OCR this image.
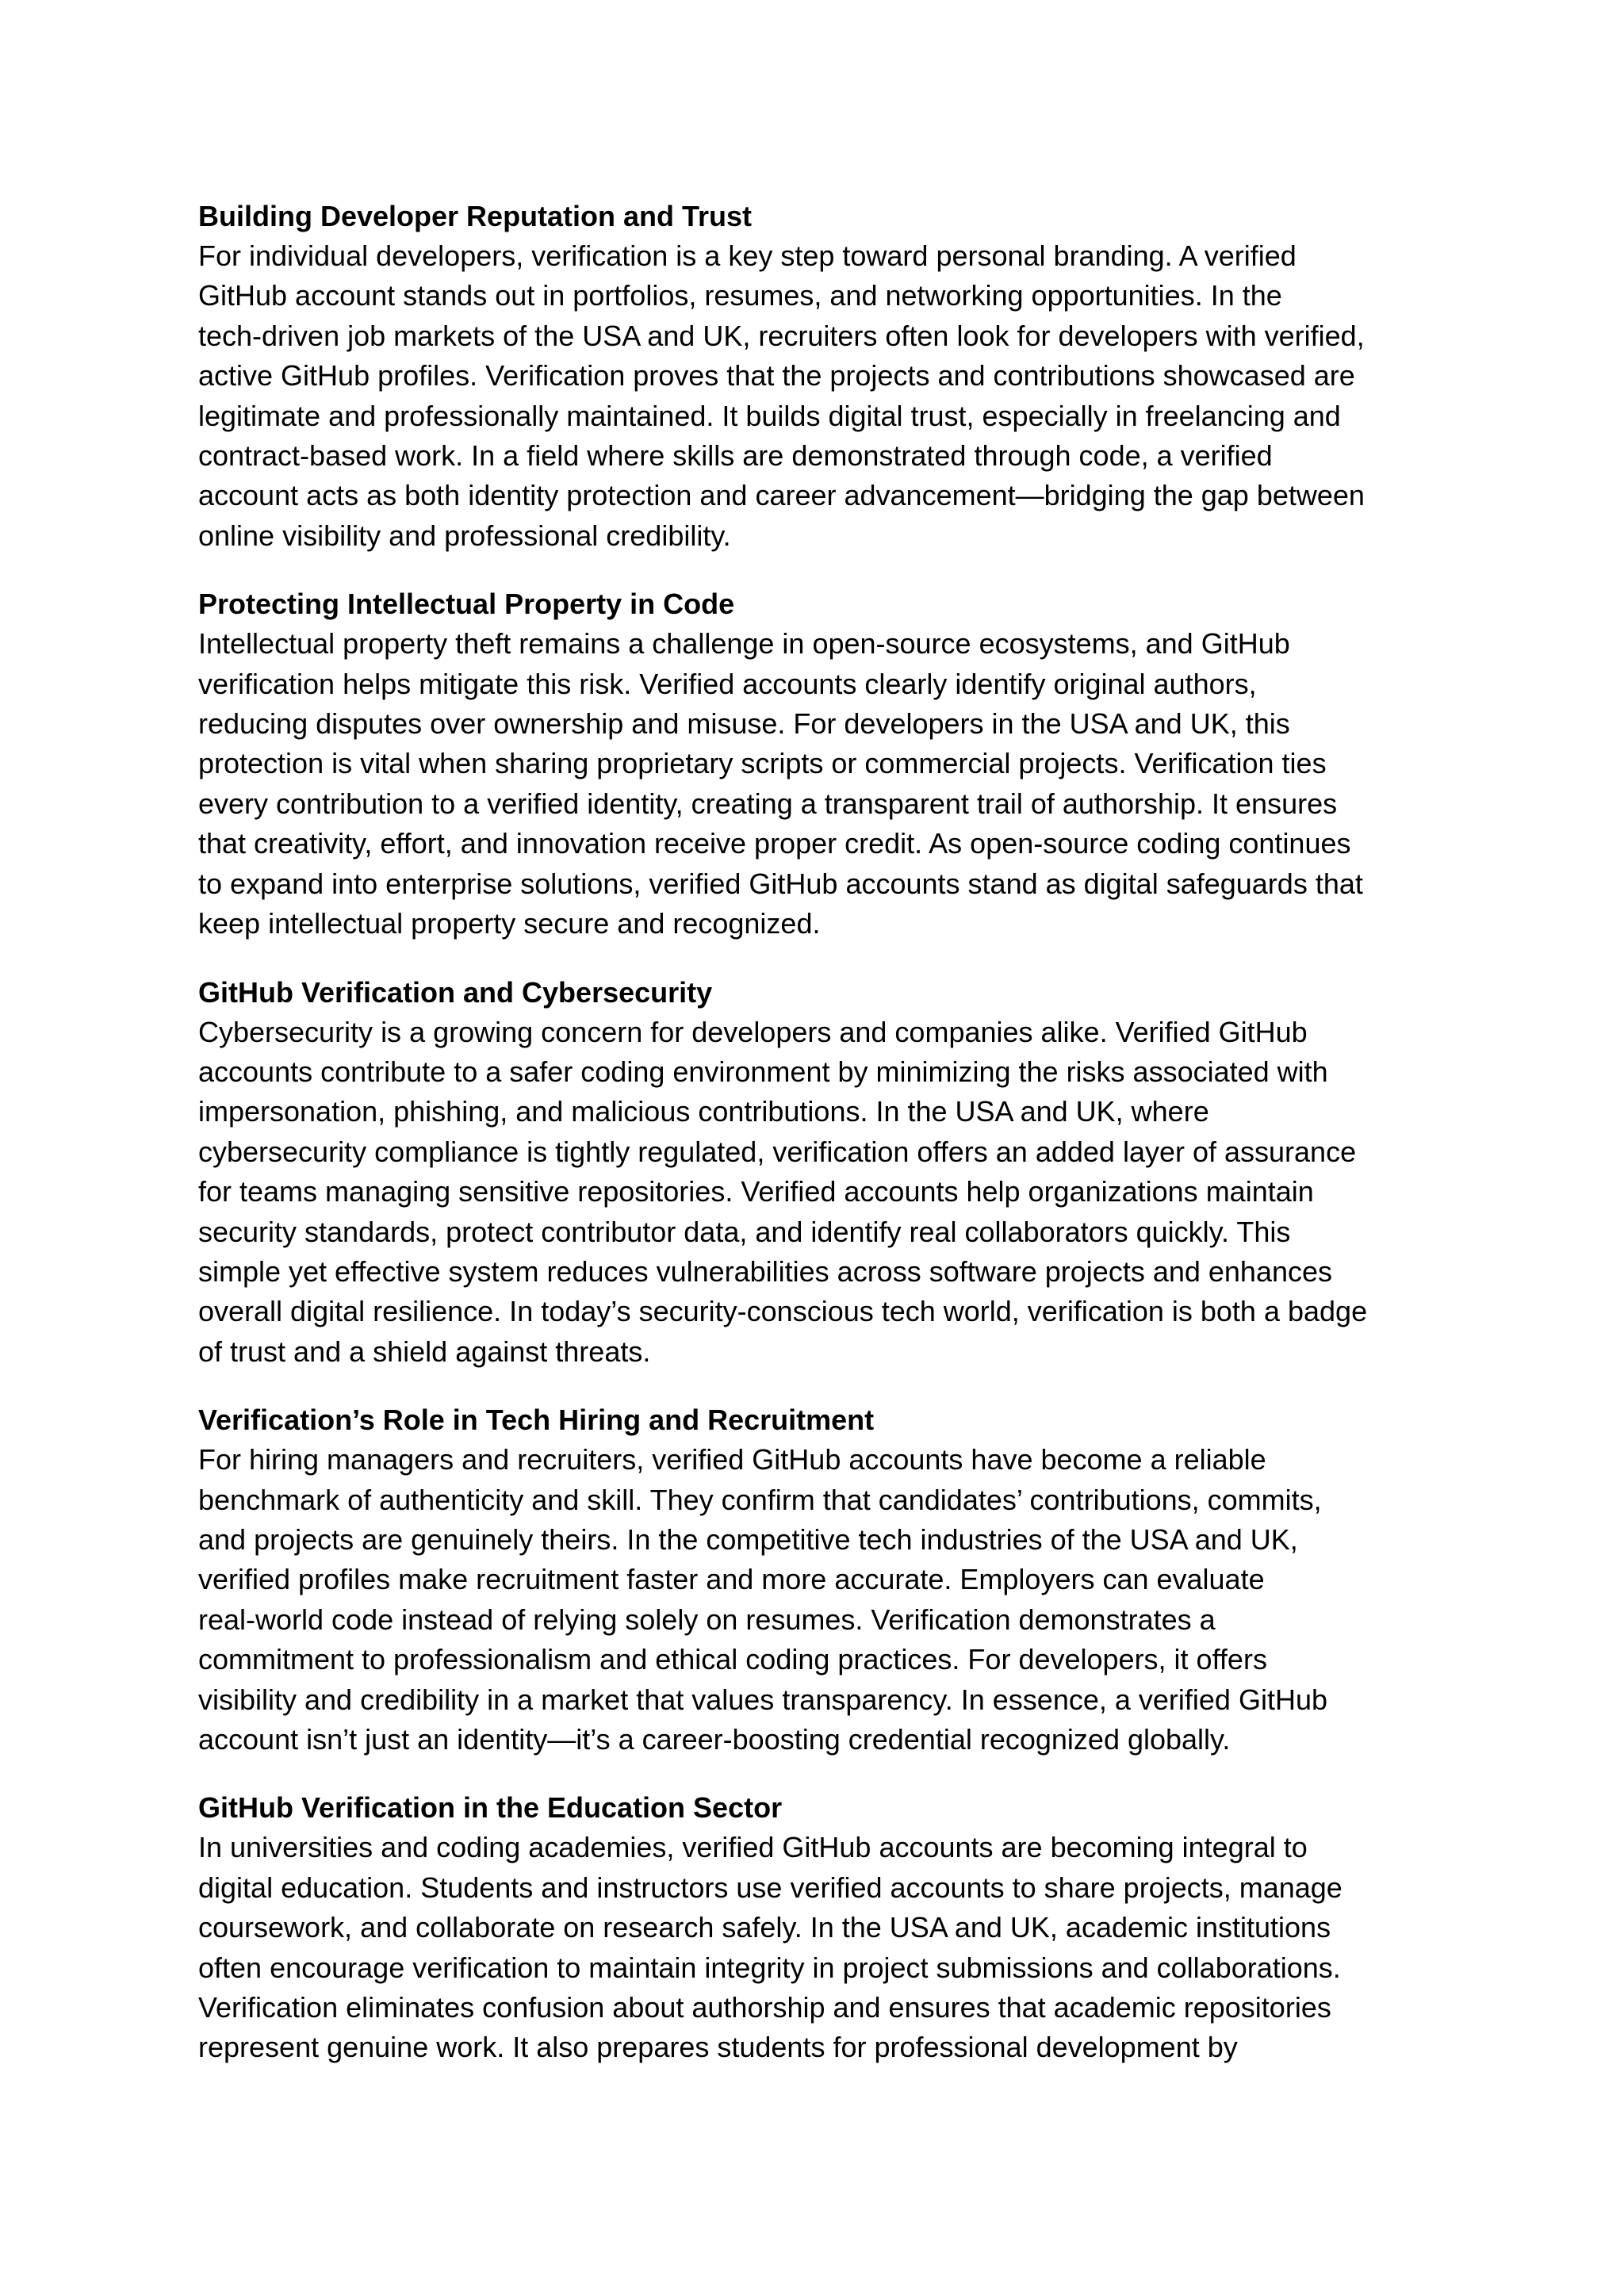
Building Developer Reputation and Trust

For individual developers, verification is a key step toward personal branding. A verified
GitHub account stands out in portfolios, resumes, and networking opportunities. In the
tech-driven job markets of the USA and UK, recruiters often look for developers with verified,
active GitHub profiles. Verification proves that the projects and contributions showcased are
legitimate and professionally maintained. It builds digital trust, especially in freelancing and
contract-based work. In a field where skills are demonstrated through code, a verified
account acts as both identity protection and career advancement—bridging the gap between
online visibility and professional credibility.

Protecting Intellectual Property in Code

Intellectual property theft remains a challenge in open-source ecosystems, and GitHub
verification helps mitigate this risk. Verified accounts clearly identify original authors,
reducing disputes over ownership and misuse. For developers in the USA and UK, this
protection is vital when sharing proprietary scripts or commercial projects. Verification ties
every contribution to a verified identity, creating a transparent trail of authorship. It ensures
that creativity, effort, and innovation receive proper credit. As open-source coding continues
to expand into enterprise solutions, verified GitHub accounts stand as digital safeguards that
keep intellectual property secure and recognized.

GitHub Verification and Cybersecurity

Cybersecurity is a growing concern for developers and companies alike. Verified GitHub
accounts contribute to a safer coding environment by minimizing the risks associated with
impersonation, phishing, and malicious contributions. In the USA and UK, where
cybersecurity compliance is tightly regulated, verification offers an added layer of assurance
for teams managing sensitive repositories. Verified accounts help organizations maintain
security standards, protect contributor data, and identify real collaborators quickly. This
simple yet effective system reduces vulnerabilities across software projects and enhances
overall digital resilience. In today’s security-conscious tech world, verification is both a badge
of trust and a shield against threats.

Verification’s Role in Tech Hiring and Recruitment

For hiring managers and recruiters, verified GitHub accounts have become a reliable
benchmark of authenticity and skill. They confirm that candidates’ contributions, commits,
and projects are genuinely theirs. In the competitive tech industries of the USA and UK,
verified profiles make recruitment faster and more accurate. Employers can evaluate
real-world code instead of relying solely on resumes. Verification demonstrates a
commitment to professionalism and ethical coding practices. For developers, it offers
visibility and credibility in a market that values transparency. In essence, a verified GitHub
account isn’t just an identity—it’s a career-boosting credential recognized globally.

GitHub Verification in the Education Sector

In universities and coding academies, verified GitHub accounts are becoming integral to
digital education. Students and instructors use verified accounts to share projects, manage
coursework, and collaborate on research safely. In the USA and UK, academic institutions
often encourage verification to maintain integrity in project submissions and collaborations.
Verification eliminates confusion about authorship and ensures that academic repositories
represent genuine work. It also prepares students for professional development by
